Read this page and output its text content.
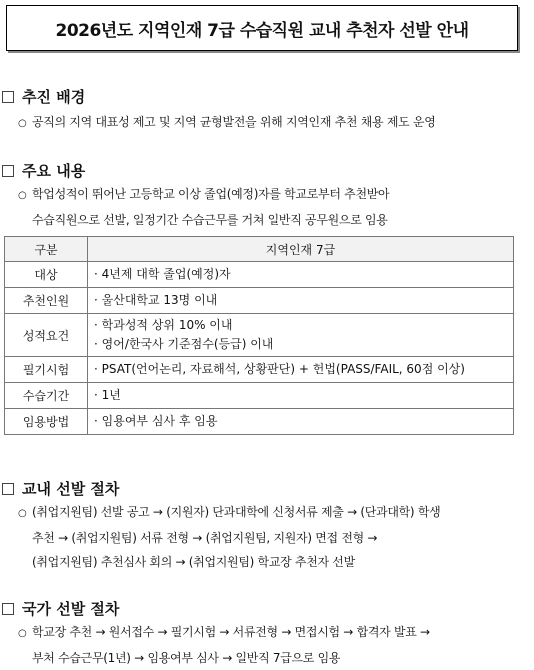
2026년도 지역인재 7급 수습직원 교내 추천자 선발 안내
추진 배경
○ 공직의 지역 대표성 제고 및 지역 균형발전을 위해 지역인재 추천 채용 제도 운영
주요 내용
○ 학업성적이 뛰어난 고등학교 이상 졸업(예정)자를 학교로부터 추천받아
수습직원으로 선발, 일정기간 수습근무를 거쳐 일반직 공무원으로 임용
구분	지역인재 7급
대상	· 4년제 대학 졸업(예정)자

추천인원	· 울산대학교 13명 이내

성적요건	· 학과성적 상위 10% 이내
· 영어/한국사 기준점수(등급) 이내

필기시험	· PSAT(언어논리, 자료해석, 상황판단) + 헌법(PASS/FAIL, 60점 이상)

수습기간	· 1년

임용방법	· 임용여부 심사 후 임용
교내 선발 절차
○ (취업지원팀) 선발 공고 → (지원자) 단과대학에 신청서류 제출 → (단과대학) 학생
추천 → (취업지원팀) 서류 전형 → (취업지원팀, 지원자) 면접 전형 →
(취업지원팀) 추천심사 회의 → (취업지원팀) 학교장 추천자 선발
국가 선발 절차
○ 학교장 추천 → 원서접수 → 필기시험 → 서류전형 → 면접시험 → 합격자 발표 →
부처 수습근무(1년) → 임용여부 심사 → 일반직 7급으로 임용
